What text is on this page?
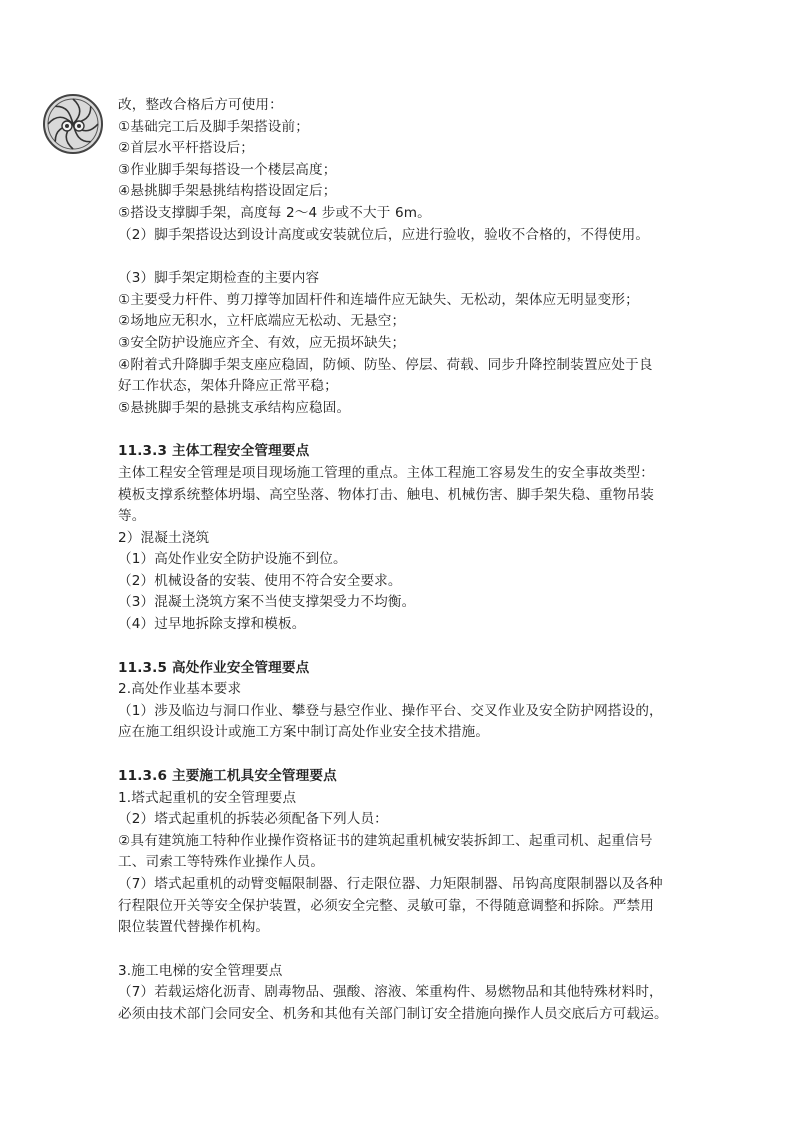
改，整改合格后方可使用：
①基础完工后及脚手架搭设前；
②首层水平杆搭设后；
③作业脚手架每搭设一个楼层高度；
④悬挑脚手架悬挑结构搭设固定后；
⑤搭设支撑脚手架，高度每 2～4 步或不大于 6m。
（2）脚手架搭设达到设计高度或安装就位后，应进行验收，验收不合格的，不得使用。
（3）脚手架定期检查的主要内容
①主要受力杆件、剪刀撑等加固杆件和连墙件应无缺失、无松动，架体应无明显变形；
②场地应无积水，立杆底端应无松动、无悬空；
③安全防护设施应齐全、有效，应无损坏缺失；
④附着式升降脚手架支座应稳固，防倾、防坠、停层、荷载、同步升降控制装置应处于良
好工作状态，架体升降应正常平稳；
⑤悬挑脚手架的悬挑支承结构应稳固。
11.3.3 主体工程安全管理要点
主体工程安全管理是项目现场施工管理的重点。主体工程施工容易发生的安全事故类型：
模板支撑系统整体坍塌、高空坠落、物体打击、触电、机械伤害、脚手架失稳、重物吊装
等。
2）混凝土浇筑
（1）高处作业安全防护设施不到位。
（2）机械设备的安装、使用不符合安全要求。
（3）混凝土浇筑方案不当使支撑架受力不均衡。
（4）过早地拆除支撑和模板。
11.3.5 高处作业安全管理要点
2.高处作业基本要求
（1）涉及临边与洞口作业、攀登与悬空作业、操作平台、交叉作业及安全防护网搭设的，
应在施工组织设计或施工方案中制订高处作业安全技术措施。
11.3.6 主要施工机具安全管理要点
1.塔式起重机的安全管理要点
（2）塔式起重机的拆装必须配备下列人员：
②具有建筑施工特种作业操作资格证书的建筑起重机械安装拆卸工、起重司机、起重信号
工、司索工等特殊作业操作人员。
（7）塔式起重机的动臂变幅限制器、行走限位器、力矩限制器、吊钩高度限制器以及各种
行程限位开关等安全保护装置，必须安全完整、灵敏可靠，不得随意调整和拆除。严禁用
限位装置代替操作机构。
3.施工电梯的安全管理要点
（7）若载运熔化沥青、剧毒物品、强酸、溶液、笨重构件、易燃物品和其他特殊材料时，
必须由技术部门会同安全、机务和其他有关部门制订安全措施向操作人员交底后方可载运。
